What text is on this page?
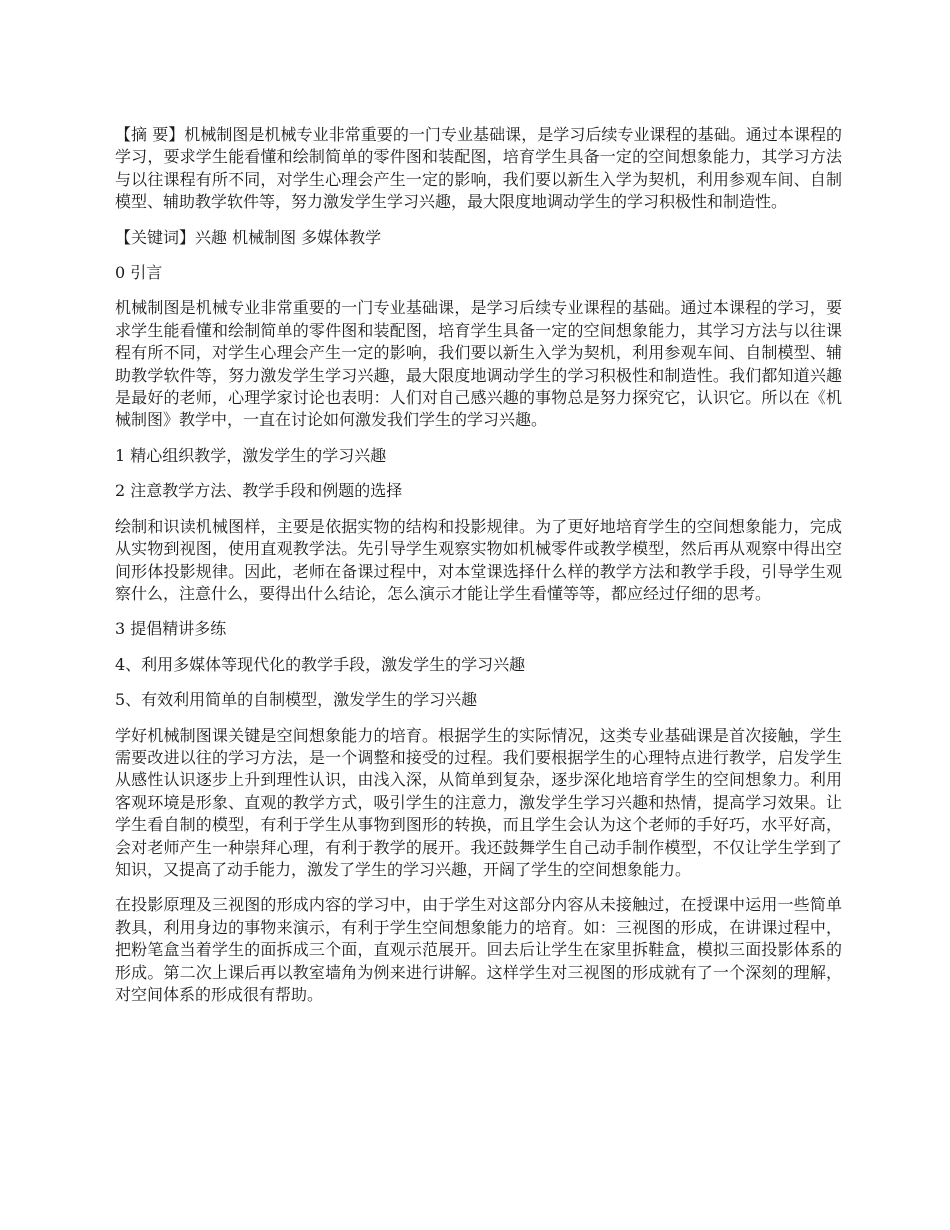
【摘 要】机械制图是机械专业非常重要的一门专业基础课，是学习后续专业课程的基础。通过本课程的学习，要求学生能看懂和绘制简单的零件图和装配图，培育学生具备一定的空间想象能力，其学习方法与以往课程有所不同，对学生心理会产生一定的影响，我们要以新生入学为契机，利用参观车间、自制模型、辅助教学软件等，努力激发学生学习兴趣，最大限度地调动学生的学习积极性和制造性。

【关键词】兴趣 机械制图 多媒体教学

0 引言

机械制图是机械专业非常重要的一门专业基础课，是学习后续专业课程的基础。通过本课程的学习，要求学生能看懂和绘制简单的零件图和装配图，培育学生具备一定的空间想象能力，其学习方法与以往课程有所不同，对学生心理会产生一定的影响，我们要以新生入学为契机，利用参观车间、自制模型、辅助教学软件等，努力激发学生学习兴趣，最大限度地调动学生的学习积极性和制造性。我们都知道兴趣是最好的老师，心理学家讨论也表明：人们对自己感兴趣的事物总是努力探究它，认识它。所以在《机械制图》教学中，一直在讨论如何激发我们学生的学习兴趣。

1 精心组织教学，激发学生的学习兴趣

2 注意教学方法、教学手段和例题的选择

绘制和识读机械图样，主要是依据实物的结构和投影规律。为了更好地培育学生的空间想象能力，完成从实物到视图，使用直观教学法。先引导学生观察实物如机械零件或教学模型，然后再从观察中得出空间形体投影规律。因此，老师在备课过程中，对本堂课选择什么样的教学方法和教学手段，引导学生观察什么，注意什么，要得出什么结论，怎么演示才能让学生看懂等等，都应经过仔细的思考。

3 提倡精讲多练

4、利用多媒体等现代化的教学手段，激发学生的学习兴趣

5、有效利用简单的自制模型，激发学生的学习兴趣

学好机械制图课关键是空间想象能力的培育。根据学生的实际情况，这类专业基础课是首次接触，学生需要改进以往的学习方法，是一个调整和接受的过程。我们要根据学生的心理特点进行教学，启发学生从感性认识逐步上升到理性认识，由浅入深，从简单到复杂，逐步深化地培育学生的空间想象力。利用客观环境是形象、直观的教学方式，吸引学生的注意力，激发学生学习兴趣和热情，提高学习效果。让学生看自制的模型，有利于学生从事物到图形的转换，而且学生会认为这个老师的手好巧，水平好高，会对老师产生一种崇拜心理，有利于教学的展开。我还鼓舞学生自己动手制作模型，不仅让学生学到了知识，又提高了动手能力，激发了学生的学习兴趣，开阔了学生的空间想象能力。

在投影原理及三视图的形成内容的学习中，由于学生对这部分内容从未接触过，在授课中运用一些简单教具，利用身边的事物来演示，有利于学生空间想象能力的培育。如：三视图的形成，在讲课过程中，把粉笔盒当着学生的面拆成三个面，直观示范展开。回去后让学生在家里拆鞋盒，模拟三面投影体系的形成。第二次上课后再以教室墙角为例来进行讲解。这样学生对三视图的形成就有了一个深刻的理解，对空间体系的形成很有帮助。
